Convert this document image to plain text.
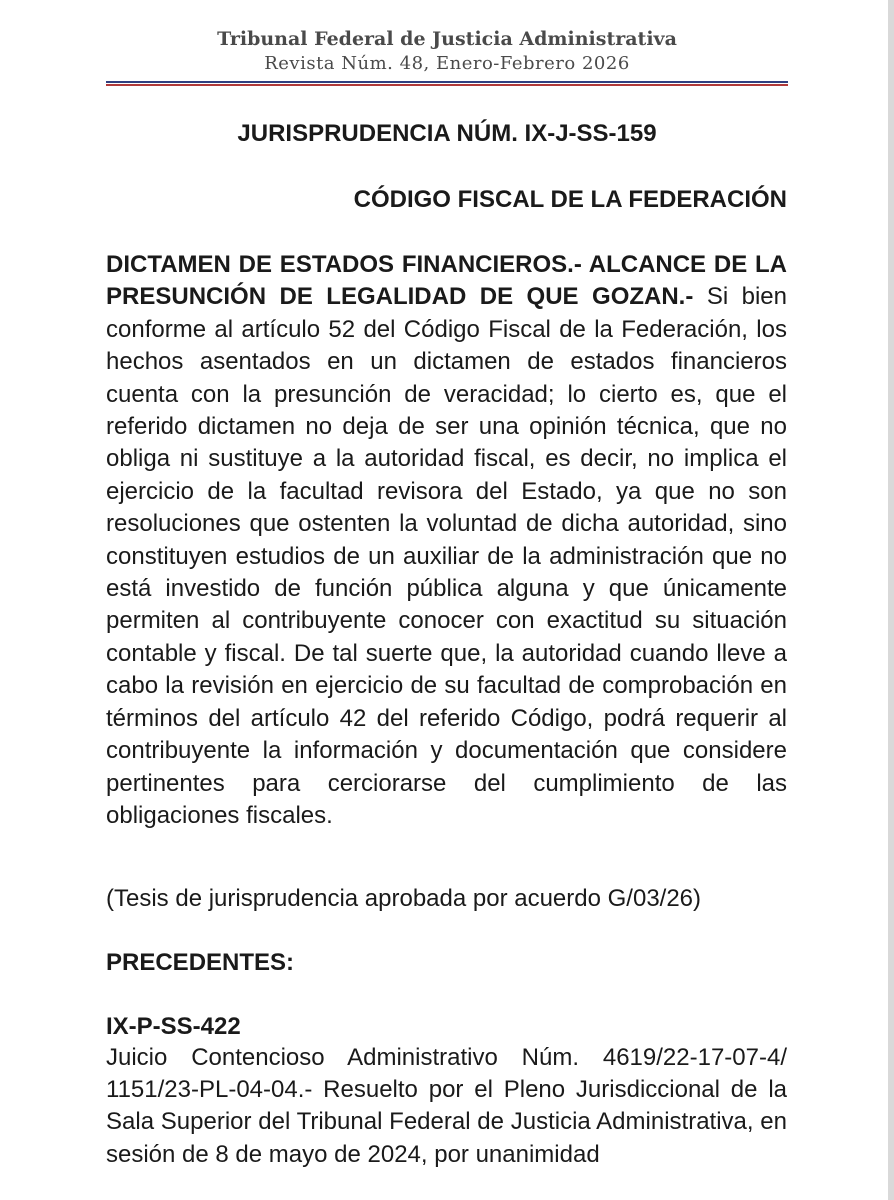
Tribunal Federal de Justicia Administrativa
Revista Núm. 48, Enero-Febrero 2026

JURISPRUDENCIA NÚM. IX-J-SS-159

CÓDIGO FISCAL DE LA FEDERACIÓN

DICTAMEN DE ESTADOS FINANCIEROS.- ALCANCE DE LA PRESUNCIÓN DE LEGALIDAD DE QUE GOZAN.- Si bien conforme al artículo 52 del Código Fiscal de la Federación, los hechos asentados en un dictamen de estados financieros cuenta con la presunción de veracidad; lo cierto es, que el referido dictamen no deja de ser una opinión técnica, que no obliga ni sustituye a la autoridad fiscal, es decir, no implica el ejercicio de la facultad revisora del Estado, ya que no son resoluciones que ostenten la voluntad de dicha autoridad, sino constituyen estudios de un auxiliar de la administración que no está investido de función pública alguna y que únicamente permiten al contribuyente conocer con exactitud su situación contable y fiscal. De tal suerte que, la autoridad cuando lleve a cabo la revisión en ejercicio de su facultad de comprobación en términos del artículo 42 del referido Código, podrá requerir al contribuyente la información y documentación que considere pertinentes para cerciorarse del cumplimiento de las obligaciones fiscales.

(Tesis de jurisprudencia aprobada por acuerdo G/03/26)

PRECEDENTES:

IX-P-SS-422

Juicio Contencioso Administrativo Núm. 4619/22-17-07-4/ 1151/23-PL-04-04.- Resuelto por el Pleno Jurisdiccional de la Sala Superior del Tribunal Federal de Justicia Administrativa, en sesión de 8 de mayo de 2024, por unanimidad
